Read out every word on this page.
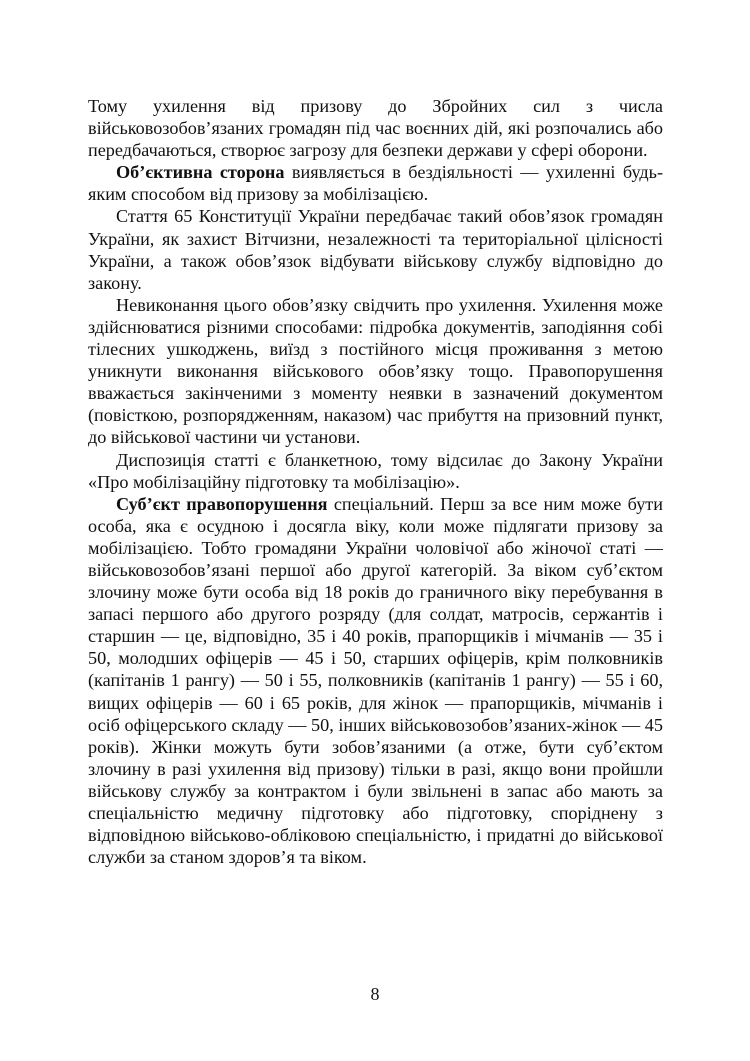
Тому ухилення від призову до Збройних сил з числа військовозобов’язаних громадян під час воєнних дій, які розпочались або передбачаються, створює загрозу для безпеки держави у сфері оборони.

Об’єктивна сторона виявляється в бездіяльності — ухиленні будь-яким способом від призову за мобілізацією.

Стаття 65 Конституції України передбачає такий обов’язок громадян України, як захист Вітчизни, незалежності та територіальної цілісності України, а також обов’язок відбувати військову службу відповідно до закону.

Невиконання цього обов’язку свідчить про ухилення. Ухилення може здійснюватися різними способами: підробка документів, заподіяння собі тілесних ушкоджень, виїзд з постійного місця проживання з метою уникнути виконання військового обов’язку тощо. Правопорушення вважається закінченими з моменту неявки в зазначений документом (повісткою, розпорядженням, наказом) час прибуття на призовний пункт, до військової частини чи установи.

Диспозиція статті є бланкетною, тому відсилає до Закону України «Про мобілізаційну підготовку та мобілізацію».

Суб’єкт правопорушення спеціальний. Перш за все ним може бути особа, яка є осудною і досягла віку, коли може підлягати призову за мобілізацією. Тобто громадяни України чоловічої або жіночої статі — військовозобов’язані першої або другої категорій. За віком суб’єктом злочину може бути особа від 18 років до граничного віку перебування в запасі першого або другого розряду (для солдат, матросів, сержантів і старшин — це, відповідно, 35 і 40 років, прапорщиків і мічманів — 35 і 50, молодших офіцерів — 45 і 50, старших офіцерів, крім полковників (капітанів 1 рангу) — 50 і 55, полковників (капітанів 1 рангу) — 55 і 60, вищих офіцерів — 60 і 65 років, для жінок — прапорщиків, мічманів і осіб офіцерського складу — 50, інших військовозобов’язаних-жінок — 45 років). Жінки можуть бути зобов’язаними (а отже, бути суб’єктом злочину в разі ухилення від призову) тільки в разі, якщо вони пройшли військову службу за контрактом і були звільнені в запас або мають за спеціальністю медичну підготовку або підготовку, споріднену з відповідною військово-обліковою спеціальністю, і придатні до військової служби за станом здоров’я та віком.

8
